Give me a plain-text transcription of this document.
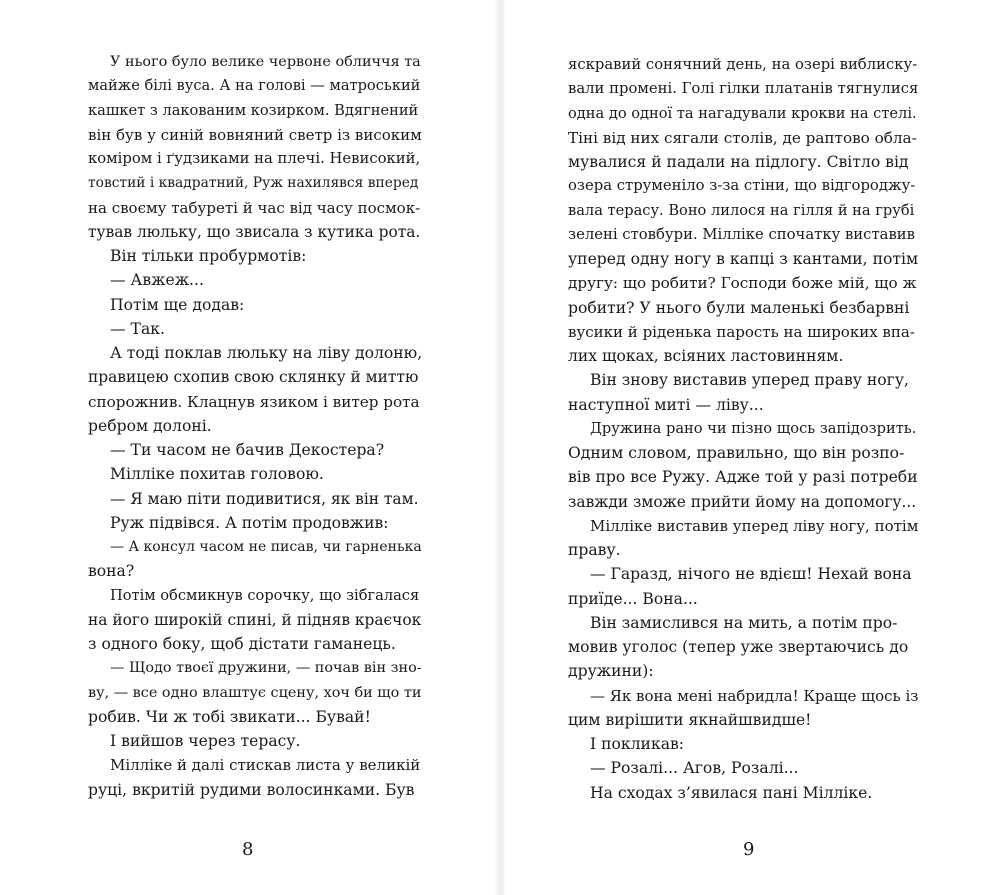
У нього було велике червоне обличчя та
майже білі вуса. А на голові — матроський
кашкет з лакованим козирком. Вдягнений
він був у синій вовняний светр із високим
коміром і ґудзиками на плечі. Невисокий,
товстий і квадратний, Руж нахилявся вперед
на своєму табуреті й час від часу посмок-
тував люльку, що звисала з кутика рота.
Він тільки пробурмотів:
— Авжеж...
Потім ще додав:
— Так.
А тоді поклав люльку на ліву долоню,
правицею схопив свою склянку й миттю
спорожнив. Клацнув язиком і витер рота
ребром долоні.
— Ти часом не бачив Декостера?
Мілліке похитав головою.
— Я маю піти подивитися, як він там.
Руж підвівся. А потім продовжив:
— А консул часом не писав, чи гарненька
вона?
Потім обсмикнув сорочку, що зібгалася
на його широкій спині, й підняв краєчок
з одного боку, щоб дістати гаманець.
— Щодо твоєї дружини, — почав він зно-
ву, — все одно влаштує сцену, хоч би що ти
робив. Чи ж тобі звикати... Бувай!
І вийшов через терасу.
Мілліке й далі стискав листа у великій
руці, вкритій рудими волосинками. Був
8
яскравий сонячний день, на озері виблиску-
вали промені. Голі гілки платанів тягнулися
одна до одної та нагадували крокви на стелі.
Тіні від них сягали столів, де раптово обла-
мувалися й падали на підлогу. Світло від
озера струменіло з-за стіни, що відгороджу-
вала терасу. Воно лилося на гілля й на грубі
зелені стовбури. Мілліке спочатку виставив
уперед одну ногу в капці з кантами, потім
другу: що робити? Господи боже мій, що ж
робити? У нього були маленькі безбарвні
вусики й ріденька парость на широких впа-
лих щоках, всіяних ластовинням.
Він знову виставив уперед праву ногу,
наступної миті — ліву...
Дружина рано чи пізно щось запідозрить.
Одним словом, правильно, що він розпо-
вів про все Ружу. Адже той у разі потреби
завжди зможе прийти йому на допомогу...
Мілліке виставив уперед ліву ногу, потім
праву.
— Гаразд, нічого не вдієш! Нехай вона
приїде... Вона...
Він замислився на мить, а потім про-
мовив уголос (тепер уже звертаючись до
дружини):
— Як вона мені набридла! Краще щось із
цим вирішити якнайшвидше!
І покликав:
— Розалі... Агов, Розалі...
На сходах з’явилася пані Мілліке.
9
